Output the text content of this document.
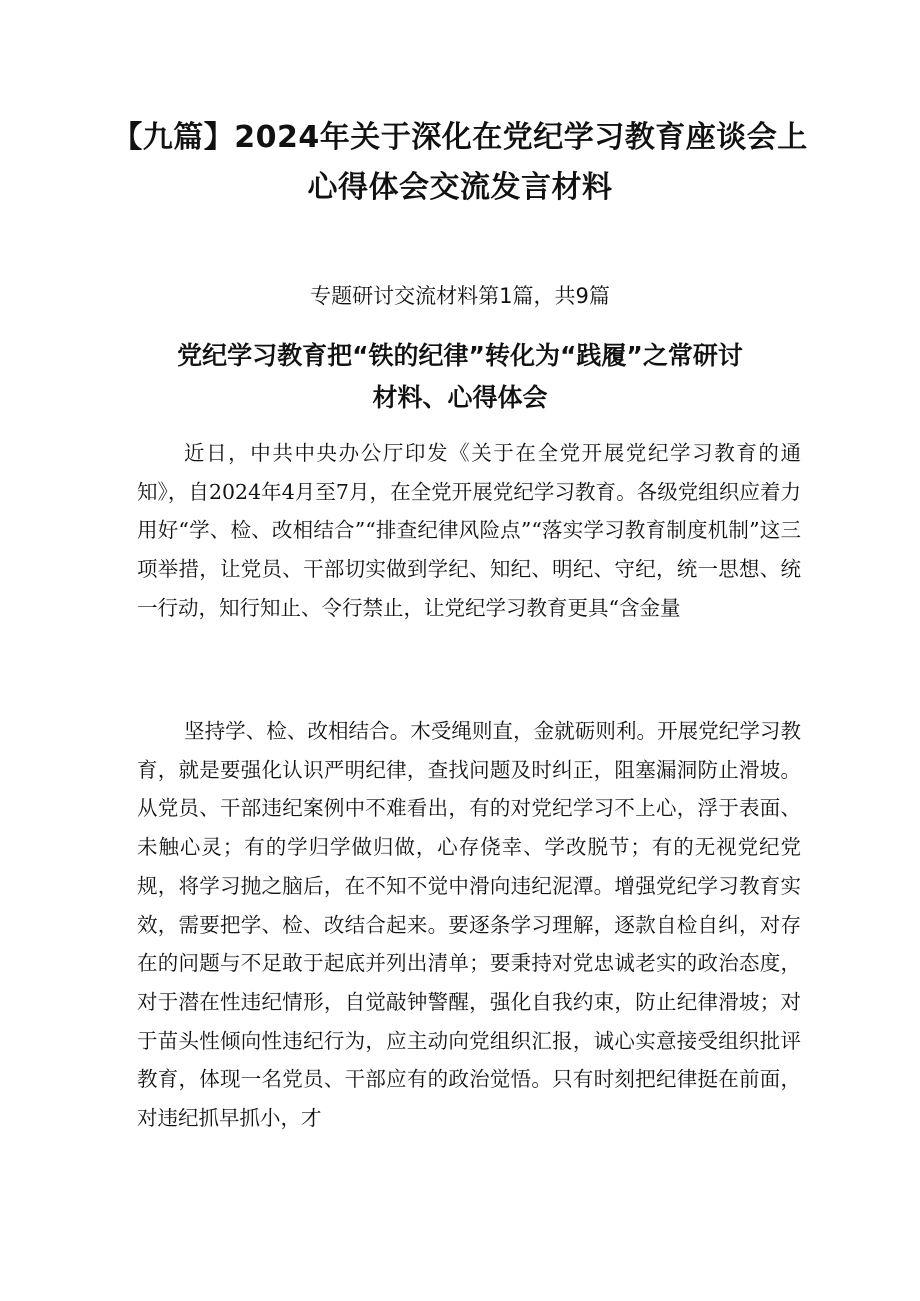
【九篇】2024年关于深化在党纪学习教育座谈会上
心得体会交流发言材料

专题研讨交流材料第1篇，共9篇

党纪学习教育把“铁的纪律”转化为“践履”之常研讨
材料、心得体会

近日，中共中央办公厅印发《关于在全党开展党纪学习教育的通知》，自2024年4月至7月，在全党开展党纪学习教育。各级党组织应着力用好“学、检、改相结合”“排查纪律风险点”“落实学习教育制度机制”这三项举措，让党员、干部切实做到学纪、知纪、明纪、守纪，统一思想、统一行动，知行知止、令行禁止，让党纪学习教育更具“含金量

坚持学、检、改相结合。木受绳则直，金就砺则利。开展党纪学习教育，就是要强化认识严明纪律，查找问题及时纠正，阻塞漏洞防止滑坡。从党员、干部违纪案例中不难看出，有的对党纪学习不上心，浮于表面、未触心灵；有的学归学做归做，心存侥幸、学改脱节；有的无视党纪党规，将学习抛之脑后，在不知不觉中滑向违纪泥潭。增强党纪学习教育实效，需要把学、检、改结合起来。要逐条学习理解，逐款自检自纠，对存在的问题与不足敢于起底并列出清单；要秉持对党忠诚老实的政治态度，对于潜在性违纪情形，自觉敲钟警醒，强化自我约束，防止纪律滑坡；对于苗头性倾向性违纪行为，应主动向党组织汇报，诚心实意接受组织批评教育，体现一名党员、干部应有的政治觉悟。只有时刻把纪律挺在前面，对违纪抓早抓小，才
